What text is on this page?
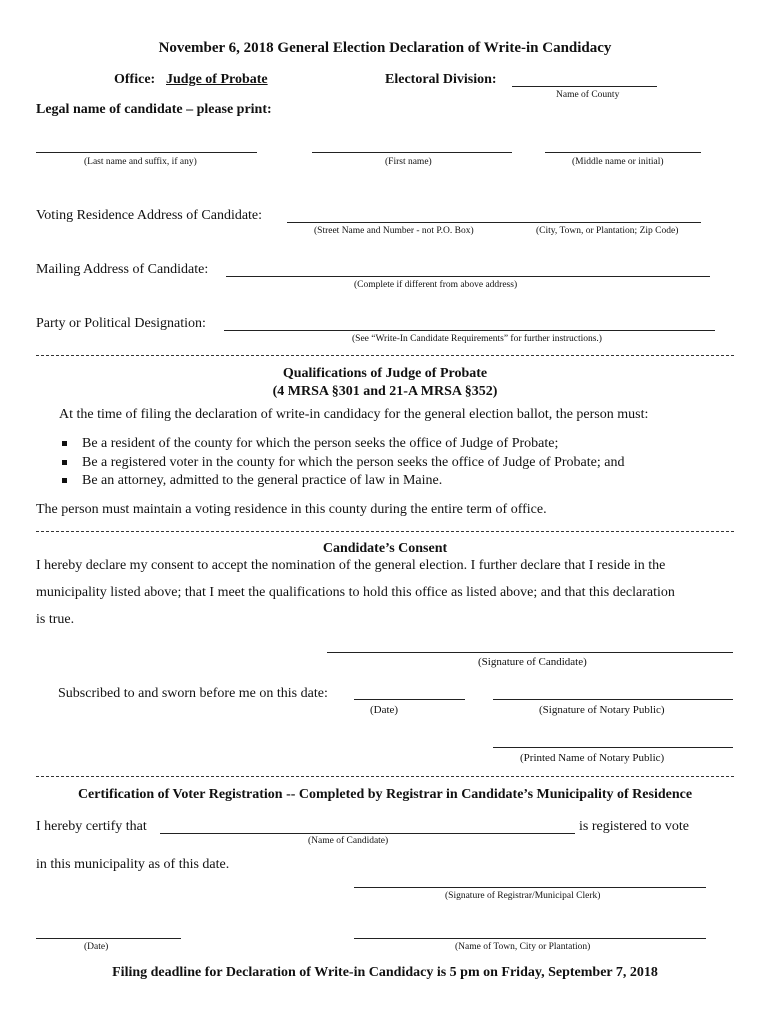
November 6, 2018 General Election Declaration of Write-in Candidacy
Office: Judge of Probate	Electoral Division:
Name of County
Legal name of candidate – please print:
(Last name and suffix, if any)	(First name)	(Middle name or initial)
Voting Residence Address of Candidate:
(Street Name and Number - not P.O. Box)	(City, Town, or Plantation; Zip Code)
Mailing Address of Candidate:
(Complete if different from above address)
Party or Political Designation:
(See “Write-In Candidate Requirements” for further instructions.)
Qualifications of Judge of Probate
(4 MRSA §301 and 21-A MRSA §352)
At the time of filing the declaration of write-in candidacy for the general election ballot, the person must:
Be a resident of the county for which the person seeks the office of Judge of Probate;
Be a registered voter in the county for which the person seeks the office of Judge of Probate; and
Be an attorney, admitted to the general practice of law in Maine.
The person must maintain a voting residence in this county during the entire term of office.
Candidate’s Consent
I hereby declare my consent to accept the nomination of the general election. I further declare that I reside in the
municipality listed above; that I meet the qualifications to hold this office as listed above; and that this declaration
is true.
(Signature of Candidate)
Subscribed to and sworn before me on this date:
(Date)	(Signature of Notary Public)
(Printed Name of Notary Public)
Certification of Voter Registration -- Completed by Registrar in Candidate’s Municipality of Residence
I hereby certify that	is registered to vote
(Name of Candidate)
in this municipality as of this date.
(Signature of Registrar/Municipal Clerk)
(Date)	(Name of Town, City or Plantation)
Filing deadline for Declaration of Write-in Candidacy is 5 pm on Friday, September 7, 2018
